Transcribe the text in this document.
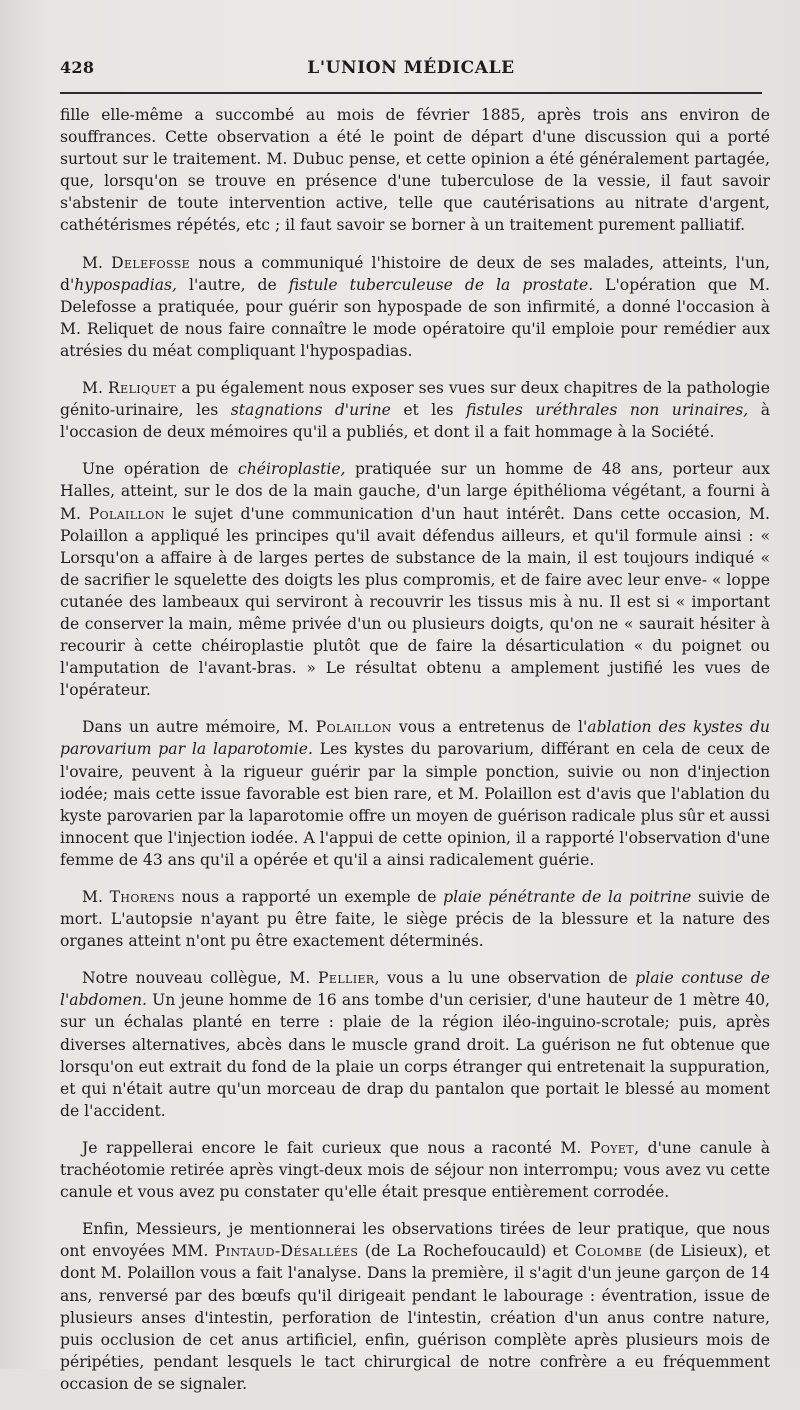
428	L'UNION MÉDICALE

fille elle-même a succombé au mois de février 1885, après trois ans environ de souffrances. Cette observation a été le point de départ d'une discussion qui a porté surtout sur le traitement. M. Dubuc pense, et cette opinion a été généralement partagée, que, lorsqu'on se trouve en présence d'une tuberculose de la vessie, il faut savoir s'abstenir de toute intervention active, telle que cautérisations au nitrate d'argent, cathétérismes répétés, etc ; il faut savoir se borner à un traitement purement palliatif.

M. Delefosse nous a communiqué l'histoire de deux de ses malades, atteints, l'un, d'hypospadias, l'autre, de fistule tuberculeuse de la prostate. L'opération que M. Delefosse a pratiquée, pour guérir son hypospade de son infirmité, a donné l'occasion à M. Reliquet de nous faire connaître le mode opératoire qu'il emploie pour remédier aux atrésies du méat compliquant l'hypospadias.

M. Reliquet a pu également nous exposer ses vues sur deux chapitres de la pathologie génito-urinaire, les stagnations d'urine et les fistules uréthrales non urinaires, à l'occasion de deux mémoires qu'il a publiés, et dont il a fait hommage à la Société.

Une opération de chéiroplastie, pratiquée sur un homme de 48 ans, porteur aux Halles, atteint, sur le dos de la main gauche, d'un large épithélioma végétant, a fourni à M. Polaillon le sujet d'une communication d'un haut intérêt. Dans cette occasion, M. Polaillon a appliqué les principes qu'il avait défendus ailleurs, et qu'il formule ainsi : « Lorsqu'on a affaire à de larges pertes de substance de la main, il est toujours indiqué « de sacrifier le squelette des doigts les plus compromis, et de faire avec leur enve- « loppe cutanée des lambeaux qui serviront à recouvrir les tissus mis à nu. Il est si « important de conserver la main, même privée d'un ou plusieurs doigts, qu'on ne « saurait hésiter à recourir à cette chéiroplastie plutôt que de faire la désarticulation « du poignet ou l'amputation de l'avant-bras. » Le résultat obtenu a amplement justifié les vues de l'opérateur.

Dans un autre mémoire, M. Polaillon vous a entretenus de l'ablation des kystes du parovarium par la laparotomie. Les kystes du parovarium, différant en cela de ceux de l'ovaire, peuvent à la rigueur guérir par la simple ponction, suivie ou non d'injection iodée; mais cette issue favorable est bien rare, et M. Polaillon est d'avis que l'ablation du kyste parovarien par la laparotomie offre un moyen de guérison radicale plus sûr et aussi innocent que l'injection iodée. A l'appui de cette opinion, il a rapporté l'observation d'une femme de 43 ans qu'il a opérée et qu'il a ainsi radicalement guérie.

M. Thorens nous a rapporté un exemple de plaie pénétrante de la poitrine suivie de mort. L'autopsie n'ayant pu être faite, le siège précis de la blessure et la nature des organes atteint n'ont pu être exactement déterminés.

Notre nouveau collègue, M. Pellier, vous a lu une observation de plaie contuse de l'abdomen. Un jeune homme de 16 ans tombe d'un cerisier, d'une hauteur de 1 mètre 40, sur un échalas planté en terre : plaie de la région iléo-inguino-scrotale; puis, après diverses alternatives, abcès dans le muscle grand droit. La guérison ne fut obtenue que lorsqu'on eut extrait du fond de la plaie un corps étranger qui entretenait la suppuration, et qui n'était autre qu'un morceau de drap du pantalon que portait le blessé au moment de l'accident.

Je rappellerai encore le fait curieux que nous a raconté M. Poyet, d'une canule à trachéotomie retirée après vingt-deux mois de séjour non interrompu; vous avez vu cette canule et vous avez pu constater qu'elle était presque entièrement corrodée.

Enfin, Messieurs, je mentionnerai les observations tirées de leur pratique, que nous ont envoyées MM. Pintaud-Désallées (de La Rochefoucauld) et Colombe (de Lisieux), et dont M. Polaillon vous a fait l'analyse. Dans la première, il s'agit d'un jeune garçon de 14 ans, renversé par des bœufs qu'il dirigeait pendant le labourage : éventration, issue de plusieurs anses d'intestin, perforation de l'intestin, création d'un anus contre nature, puis occlusion de cet anus artificiel, enfin, guérison complète après plusieurs mois de péripéties, pendant lesquels le tact chirurgical de notre confrère a eu fréquemment occasion de se signaler.
